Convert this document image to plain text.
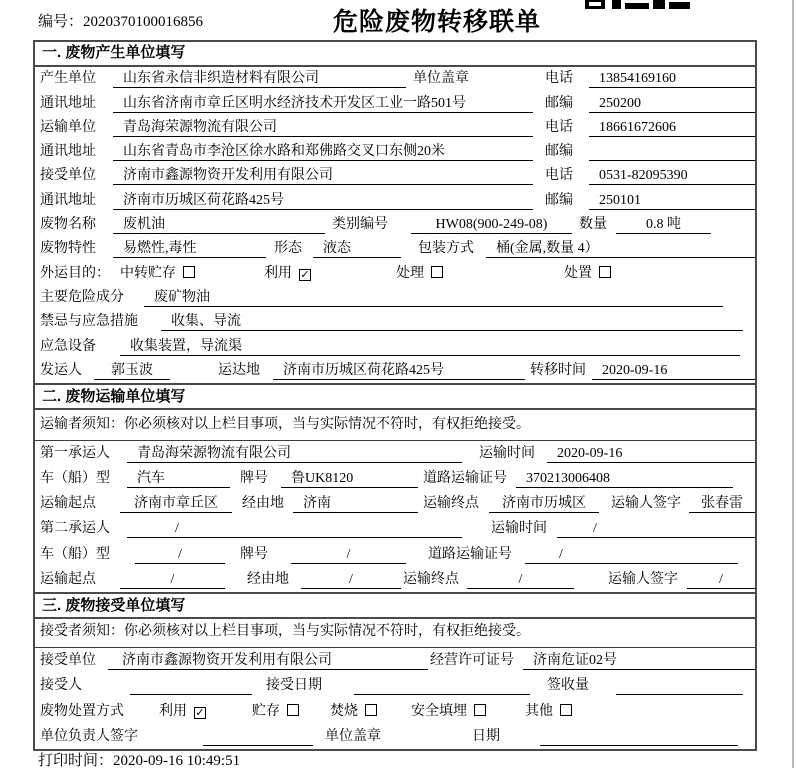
编号：2020370100016856	危险废物转移联单
一. 废物产生单位填写
产生单位	山东省永信非织造材料有限公司	单位盖章	电话	13854169160
通讯地址	山东省济南市章丘区明水经济技术开发区工业一路501号	邮编	250200
运输单位	青岛海荣源物流有限公司	电话	18661672606
通讯地址	山东省青岛市李沧区徐水路和郑佛路交叉口东侧20米	邮编
接受单位	济南市鑫源物资开发利用有限公司	电话	0531-82095390
通讯地址	济南市历城区荷花路425号	邮编	250101
废物名称	废机油	类别编号	HW08(900-249-08)	数量	0.8 吨
废物特性	易燃性,毒性	形态	液态	包装方式	桶(金属,数量 4）
外运目的： 中转贮存	利用 ✓	处理	处置
主要危险成分	废矿物油
禁忌与应急措施	收集、导流
应急设备	收集装置，导流渠
发运人	郭玉波	运达地	济南市历城区荷花路425号	转移时间	2020-09-16
二. 废物运输单位填写
运输者须知：你必须核对以上栏目事项，当与实际情况不符时，有权拒绝接受。
第一承运人	青岛海荣源物流有限公司	运输时间	2020-09-16
车（船）型	汽车	牌号	鲁UK8120	道路运输证号	370213006408
运输起点	济南市章丘区	经由地	济南	运输终点	济南市历城区	运输人签字	张春雷
第二承运人	/	运输时间	/
车（船）型	/	牌号	/	道路运输证号	/
运输起点	/	经由地	/	运输终点	/	运输人签字	/
三. 废物接受单位填写
接受者须知：你必须核对以上栏目事项，当与实际情况不符时，有权拒绝接受。
接受单位	济南市鑫源物资开发利用有限公司	经营许可证号	济南危证02号
接受人	接受日期	签收量
废物处置方式	利用 ✓	贮存	焚烧	安全填埋	其他
单位负责人签字	单位盖章	日期
打印时间：2020-09-16 10:49:51
